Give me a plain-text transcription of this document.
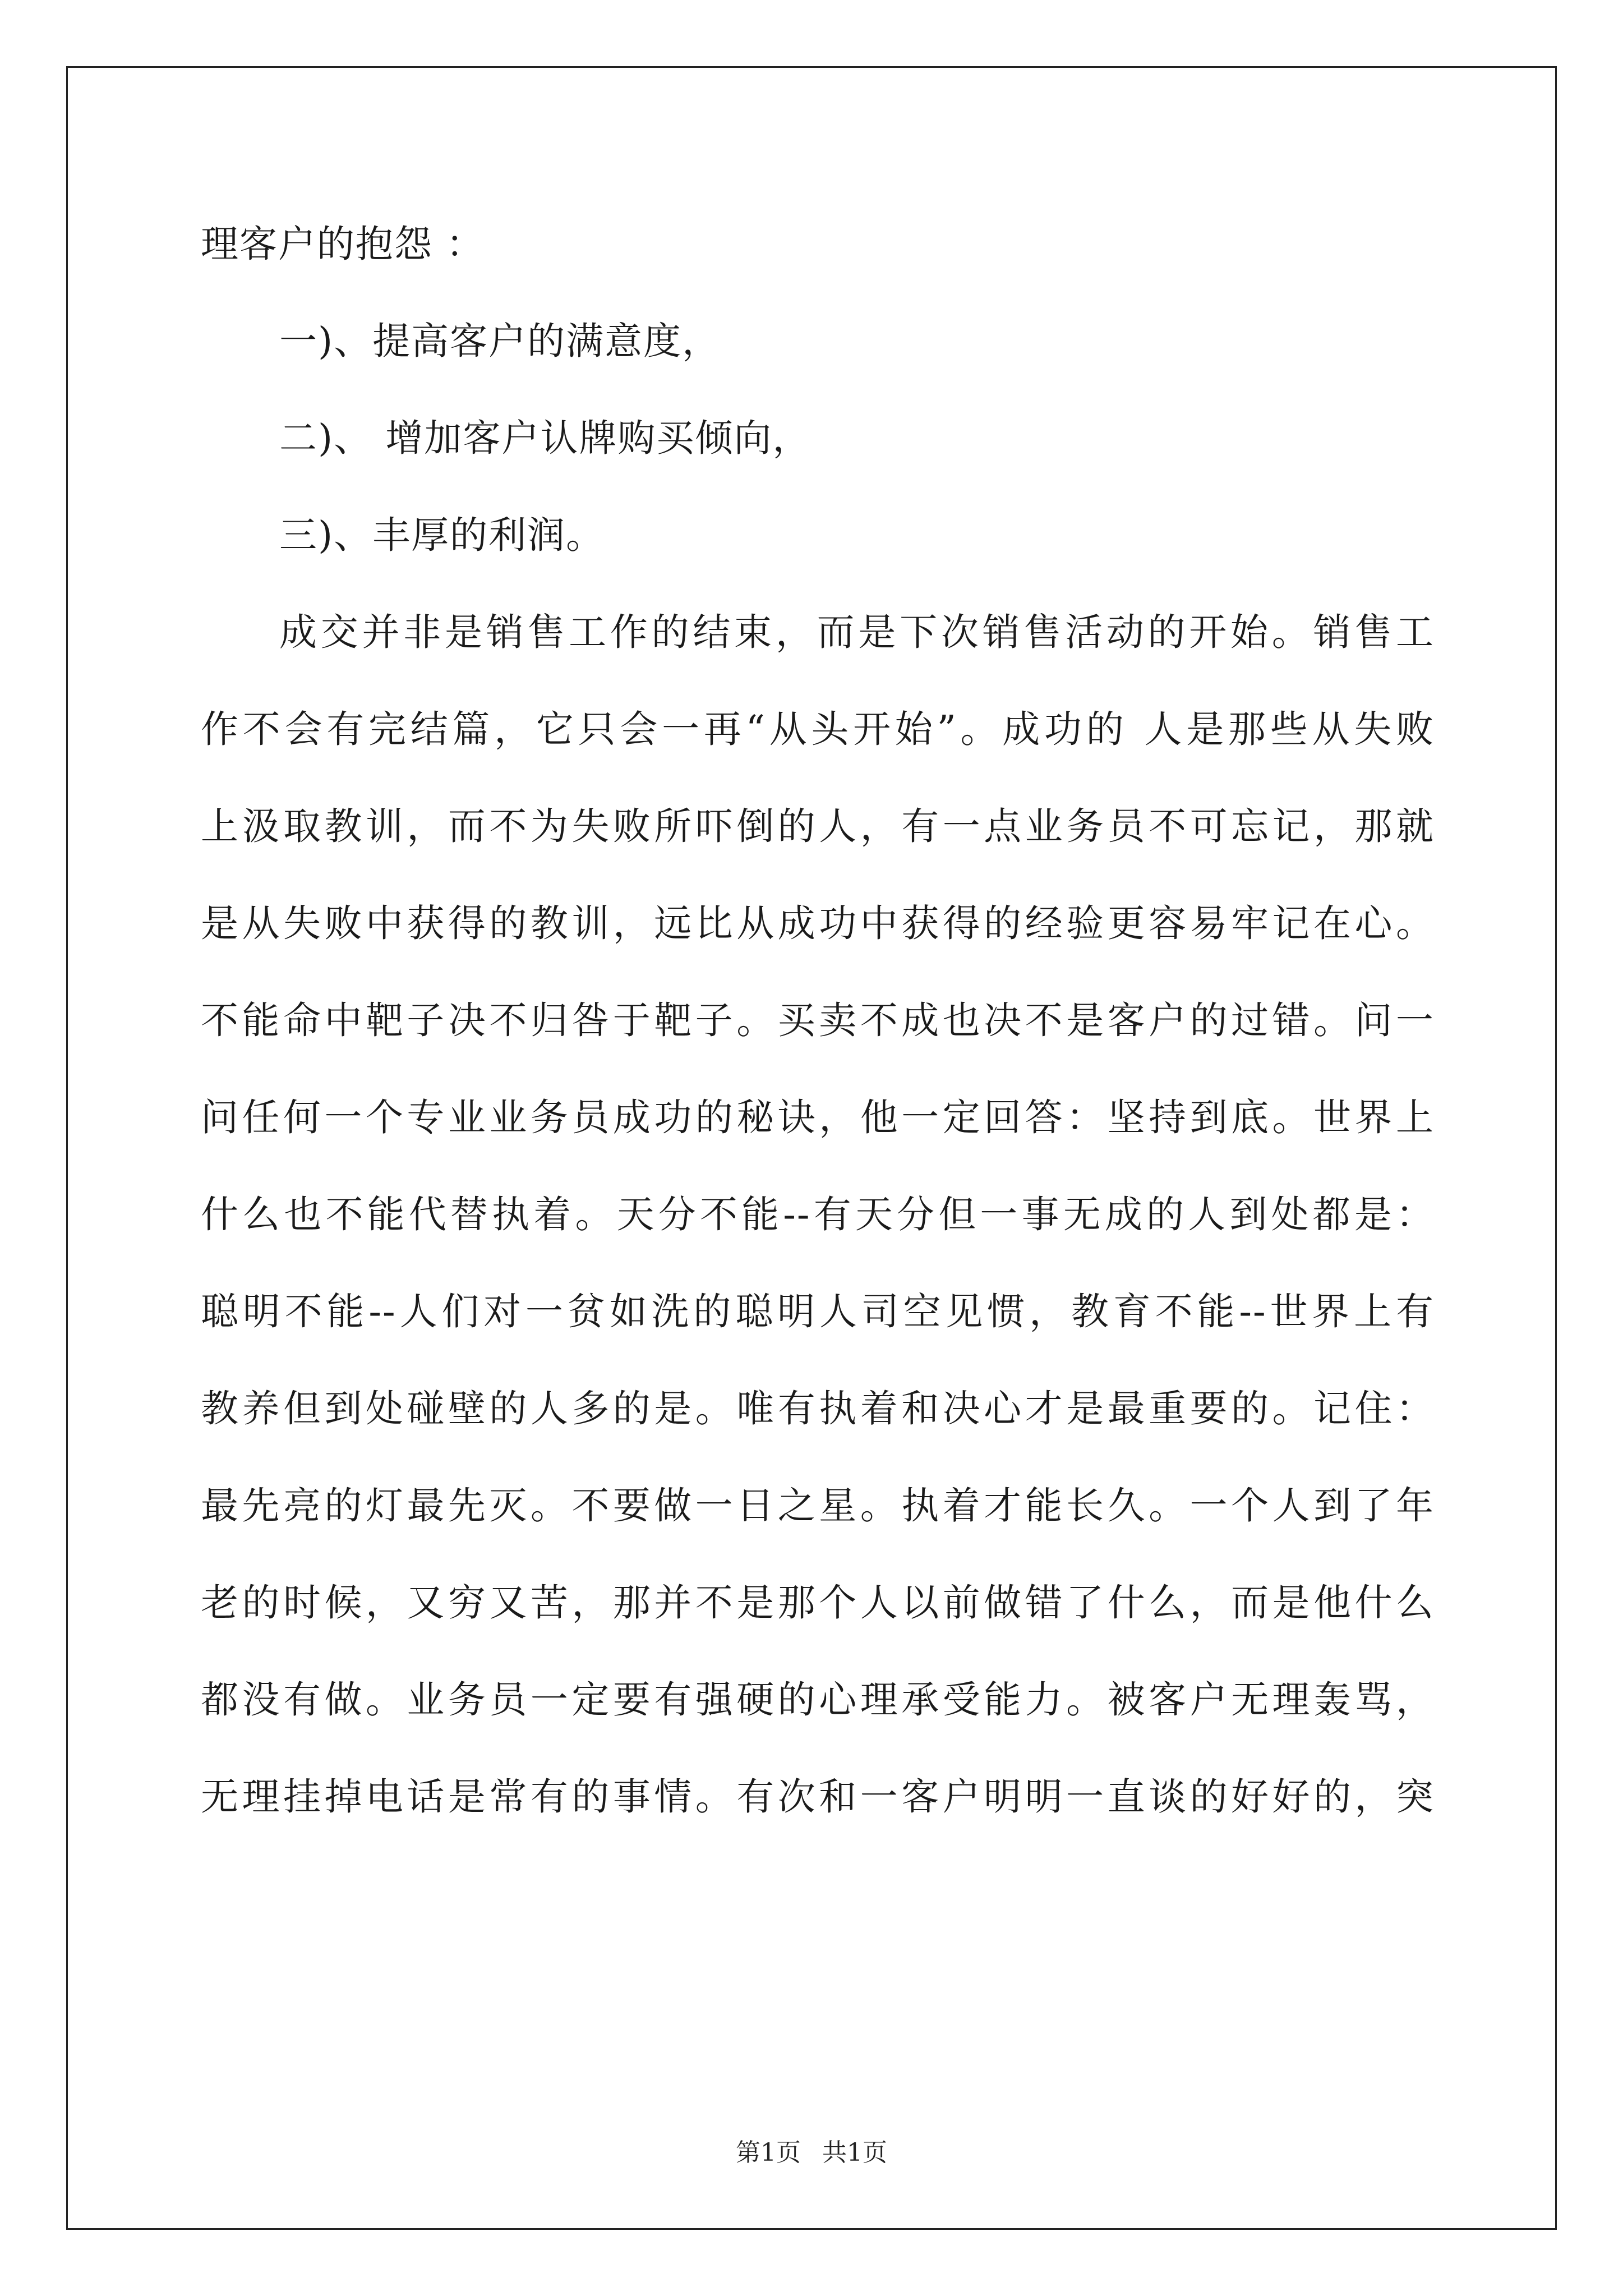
理客户的抱怨 ：
一)、提高客户的满意度，
二)、 增加客户认牌购买倾向，
三)、丰厚的利润。
成交并非是销售工作的结束，而是下次销售活动的开始。销售工
作不会有完结篇，它只会一再“从头开始”。成功的 人是那些从失败
上汲取教训，而不为失败所吓倒的人，有一点业务员不可忘记，那就
是从失败中获得的教训，远比从成功中获得的经验更容易牢记在心。
不能命中靶子决不归咎于靶子。买卖不成也决不是客户的过错。问一
问任何一个专业业务员成功的秘诀，他一定回答：坚持到底。世界上
什么也不能代替执着。天分不能--有天分但一事无成的人到处都是：
聪明不能--人们对一贫如洗的聪明人司空见惯，教育不能--世界上有
教养但到处碰壁的人多的是。唯有执着和决心才是最重要的。记住：
最先亮的灯最先灭。不要做一日之星。执着才能长久。一个人到了年
老的时候，又穷又苦，那并不是那个人以前做错了什么，而是他什么
都没有做。业务员一定要有强硬的心理承受能力。被客户无理轰骂，
无理挂掉电话是常有的事情。有次和一客户明明一直谈的好好的，突
第1页 共1页
